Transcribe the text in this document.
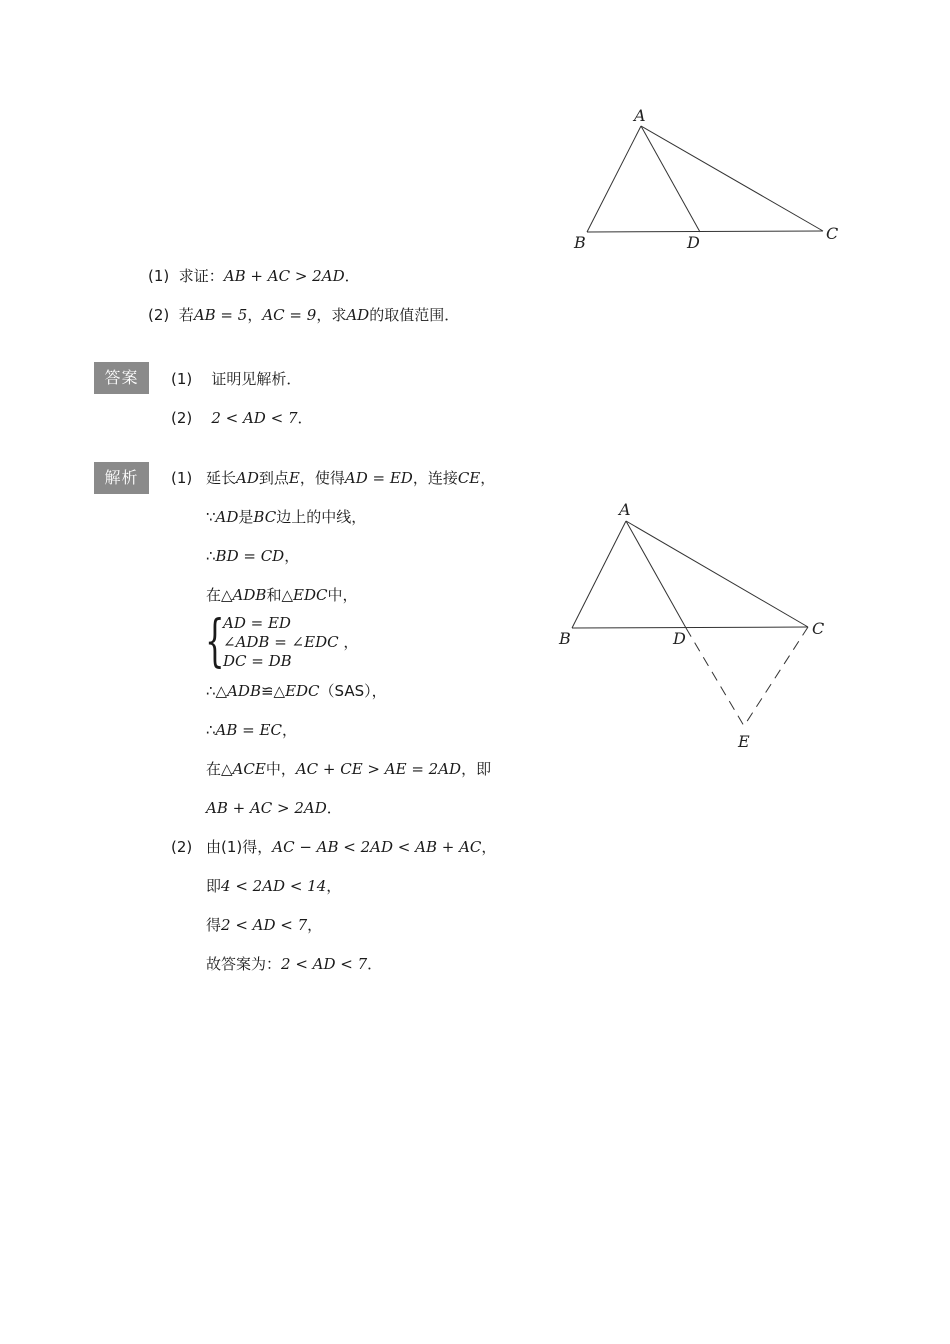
A
B	D	C
A
B	D
C
E
(1) 求证：AB + AC > 2AD．
(2) 若AB = 5，AC = 9，求AD的取值范围．
答案	(1) 证明见解析．
(2) 2 < AD < 7．
解析	(1) 延长AD到点E，使得AD = ED，连接CE，
∵AD是BC边上的中线，
∴BD = CD，
在△ADB和△EDC中，
{
AD = ED
∠ADB = ∠EDC ，
DC = DB
∴△ADB≌△EDC（SAS），
∴AB = EC，
在△ACE中，AC + CE > AE = 2AD，即
AB + AC > 2AD．
(2) 由(1)得，AC − AB < 2AD < AB + AC，
即4 < 2AD < 14，
得2 < AD < 7，
故答案为：2 < AD < 7．
